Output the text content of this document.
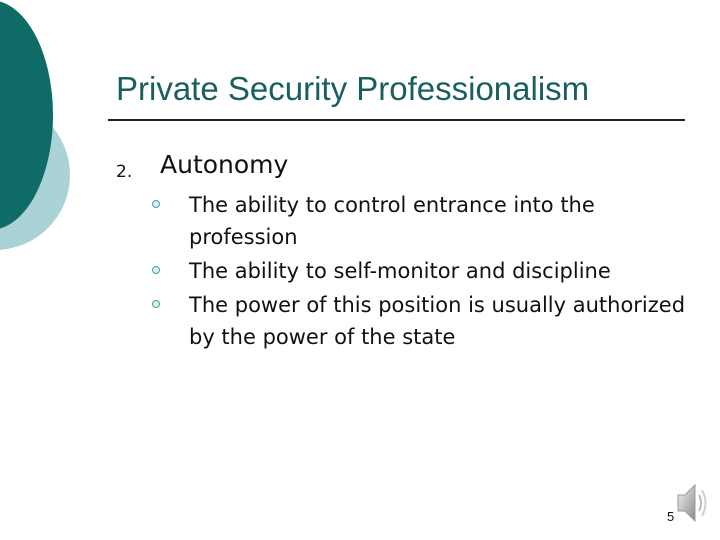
Private Security Professionalism
2. Autonomy
The ability to control entrance into the profession
The ability to self-monitor and discipline
The power of this position is usually authorized by the power of the state
5
